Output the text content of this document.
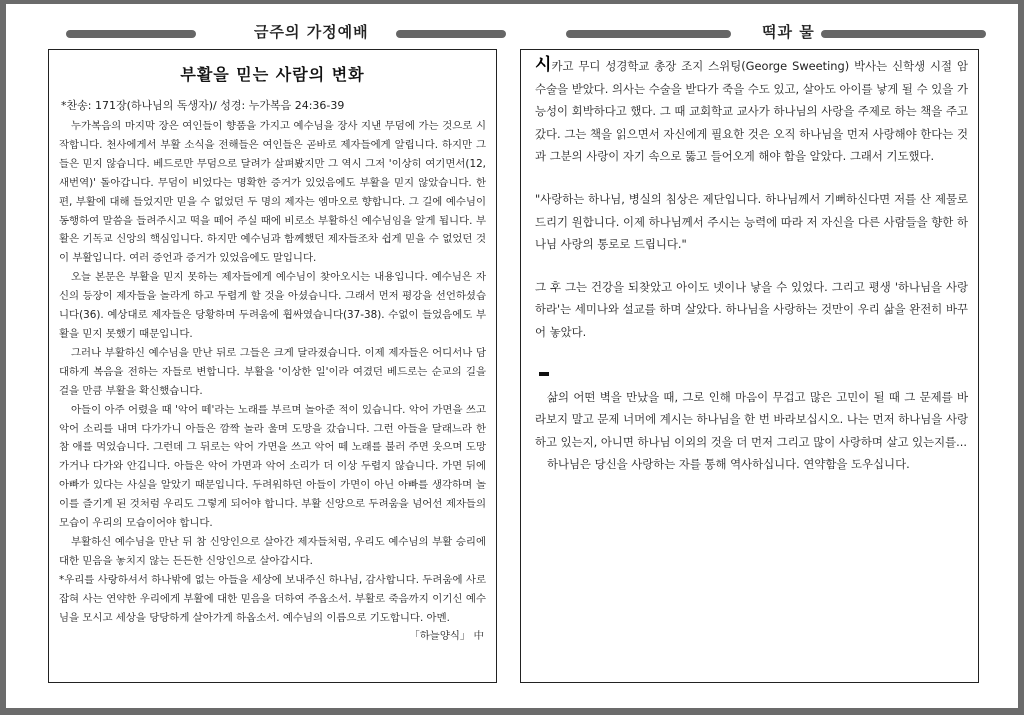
금주의 가정예배	떡과 물
부활을 믿는 사람의 변화
*찬송: 171장(하나님의 독생자)/ 성경: 누가복음 24:36-39

누가복음의 마지막 장은 여인들이 향품을 가지고 예수님을 장사 지낸 무덤에 가는 것으로 시작합니다. 천사에게서 부활 소식을 전해들은 여인들은 곧바로 제자들에게 알립니다. 하지만 그들은 믿지 않습니다. 베드로만 무덤으로 달려가 살펴봤지만 그 역시 그저 '이상히 여기면서(12, 새번역)' 돌아갑니다. 무덤이 비었다는 명확한 증거가 있었음에도 부활을 믿지 않았습니다. 한편, 부활에 대해 들었지만 믿을 수 없었던 두 명의 제자는 엠마오로 향합니다. 그 길에 예수님이 동행하여 말씀을 들려주시고 떡을 떼어 주실 때에 비로소 부활하신 예수님임을 알게 됩니다. 부활은 기독교 신앙의 핵심입니다. 하지만 예수님과 함께했던 제자들조차 쉽게 믿을 수 없었던 것이 부활입니다. 여러 증언과 증거가 있었음에도 말입니다.

오늘 본문은 부활을 믿지 못하는 제자들에게 예수님이 찾아오시는 내용입니다. 예수님은 자신의 등장이 제자들을 놀라게 하고 두렵게 할 것을 아셨습니다. 그래서 먼저 평강을 선언하셨습니다(36). 예상대로 제자들은 당황하며 두려움에 휩싸였습니다(37-38). 수없이 들었음에도 부활을 믿지 못했기 때문입니다.

그러나 부활하신 예수님을 만난 뒤로 그들은 크게 달라졌습니다. 이제 제자들은 어디서나 담대하게 복음을 전하는 자들로 변합니다. 부활을 '이상한 일'이라 여겼던 베드로는 순교의 길을 걸을 만큼 부활을 확신했습니다.

아들이 아주 어렸을 때 '악어 떼'라는 노래를 부르며 놀아준 적이 있습니다. 악어 가면을 쓰고 악어 소리를 내며 다가가니 아들은 깜짝 놀라 울며 도망을 갔습니다. 그런 아들을 달래느라 한참 애를 먹었습니다. 그런데 그 뒤로는 악어 가면을 쓰고 악어 떼 노래를 불러 주면 웃으며 도망가거나 다가와 안깁니다. 아들은 악어 가면과 악어 소리가 더 이상 두렵지 않습니다. 가면 뒤에 아빠가 있다는 사실을 알았기 때문입니다. 두려워하던 아들이 가면이 아닌 아빠를 생각하며 놀이를 즐기게 된 것처럼 우리도 그렇게 되어야 합니다. 부활 신앙으로 두려움을 넘어선 제자들의 모습이 우리의 모습이어야 합니다.

부활하신 예수님을 만난 뒤 참 신앙인으로 살아간 제자들처럼, 우리도 예수님의 부활 승리에 대한 믿음을 놓치지 않는 든든한 신앙인으로 살아갑시다.

*우리를 사랑하셔서 하나밖에 없는 아들을 세상에 보내주신 하나님, 감사합니다. 두려움에 사로잡혀 사는 연약한 우리에게 부활에 대한 믿음을 더하여 주옵소서. 부활로 죽음까지 이기신 예수님을 모시고 세상을 당당하게 살아가게 하옵소서. 예수님의 이름으로 기도합니다. 아멘.

「하늘양식」 中

시카고 무디 성경학교 총장 조지 스위팅(George Sweeting) 박사는 신학생 시절 암 수술을 받았다. 의사는 수술을 받다가 죽을 수도 있고, 살아도 아이를 낳게 될 수 있을 가능성이 회박하다고 했다. 그 때 교회학교 교사가 하나님의 사랑을 주제로 하는 책을 주고 갔다. 그는 책을 읽으면서 자신에게 필요한 것은 오직 하나님을 먼저 사랑해야 한다는 것과 그분의 사랑이 자기 속으로 뚫고 들어오게 해야 함을 알았다. 그래서 기도했다.

"사랑하는 하나님, 병실의 침상은 제단입니다. 하나님께서 기뻐하신다면 저를 산 제물로 드리기 원합니다. 이제 하나님께서 주시는 능력에 따라 저 자신을 다른 사람들을 향한 하나님 사랑의 통로로 드립니다."

그 후 그는 건강을 되찾았고 아이도 넷이나 낳을 수 있었다. 그리고 평생 '하나님을 사랑하라'는 세미나와 설교를 하며 살았다. 하나님을 사랑하는 것만이 우리 삶을 완전히 바꾸어 놓았다.

삶의 어떤 벽을 만났을 때, 그로 인해 마음이 무겁고 많은 고민이 될 때 그 문제를 바라보지 말고 문제 너머에 계시는 하나님을 한 번 바라보십시오. 나는 먼저 하나님을 사랑하고 있는지, 아니면 하나님 이외의 것을 더 먼저 그리고 많이 사랑하며 살고 있는지를...

하나님은 당신을 사랑하는 자를 통해 역사하십니다. 연약함을 도우십니다.
